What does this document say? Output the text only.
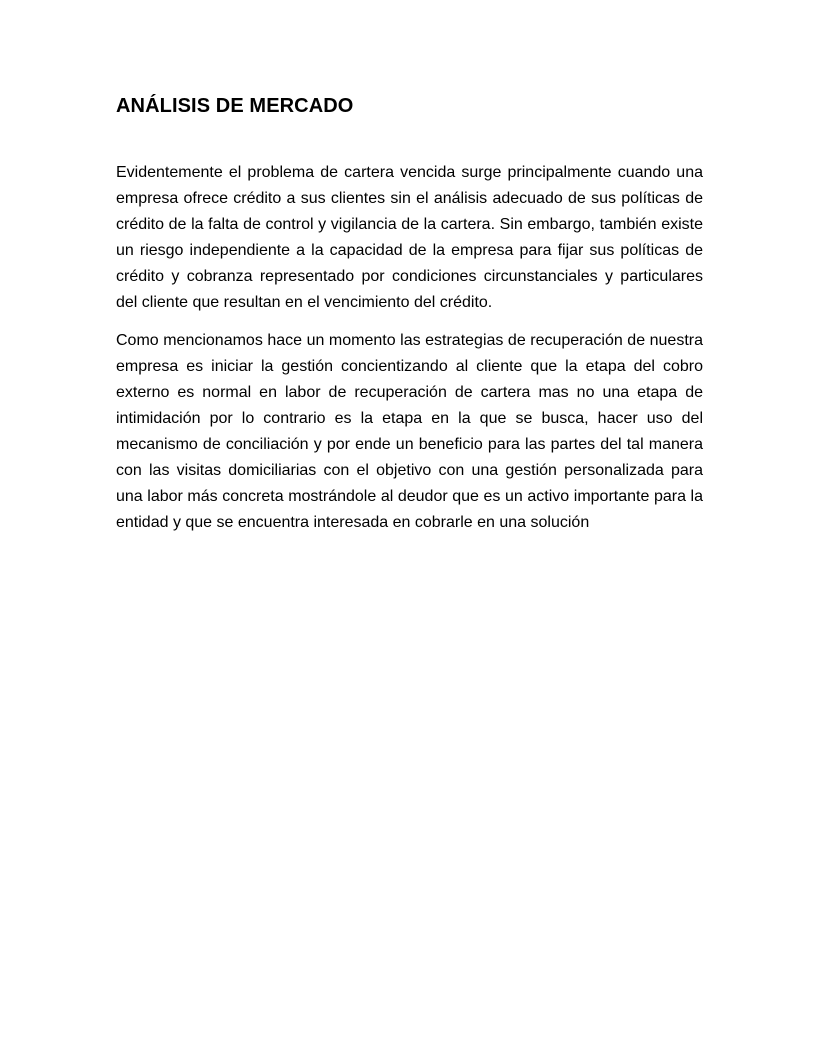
ANÁLISIS DE MERCADO

Evidentemente el problema de cartera vencida surge principalmente cuando una empresa ofrece crédito a sus clientes sin el análisis adecuado de sus políticas de crédito de la falta de control y vigilancia de la cartera. Sin embargo, también existe un riesgo independiente a la capacidad de la empresa para fijar sus políticas de crédito y cobranza representado por condiciones circunstanciales y particulares del cliente que resultan en el vencimiento del crédito.

Como mencionamos hace un momento las estrategias de recuperación de nuestra empresa es iniciar la gestión concientizando al cliente que la etapa del cobro externo es normal en labor de recuperación de cartera mas no una etapa de intimidación por lo contrario es la etapa en la que se busca, hacer uso del mecanismo de conciliación y por ende un beneficio para las partes del tal manera con las visitas domiciliarias con el objetivo con una gestión personalizada para una labor más concreta mostrándole al deudor que es un activo importante para la entidad y que se encuentra interesada en cobrarle en una solución
